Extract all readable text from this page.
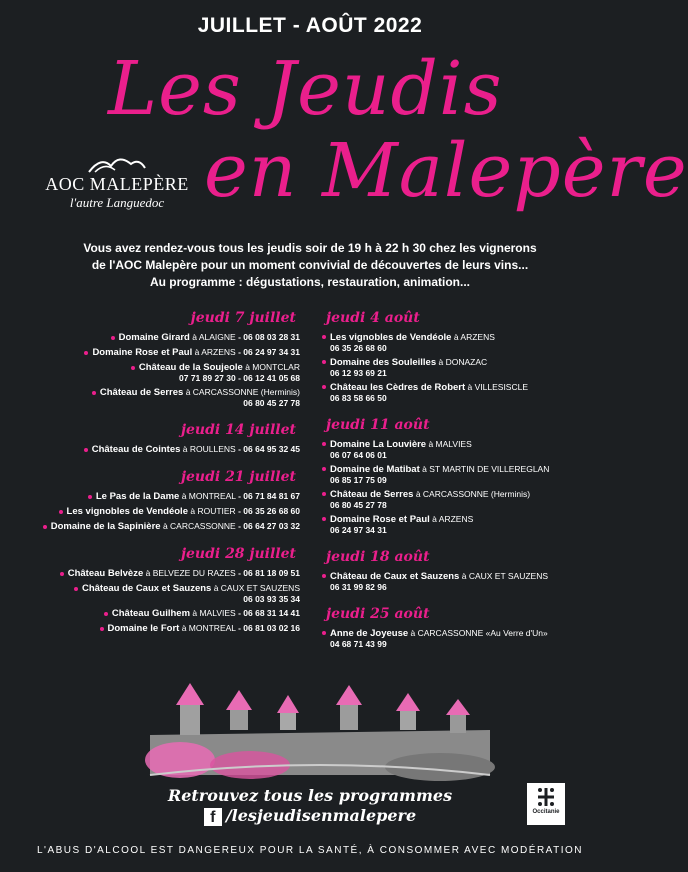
JUILLET - AOÛT 2022
Les Jeudis
en Malepère
AOC MALEPÈRE
l'autre Languedoc

Vous avez rendez-vous tous les jeudis soir de 19 h à 22 h 30 chez les vignerons

de l'AOC Malepère pour un moment convivial de découvertes de leurs vins...

Au programme : dégustations, restauration, animation...

jeudi 7 juillet
Domaine Girard à ALAIGNE - 06 08 03 28 31
Domaine Rose et Paul à ARZENS - 06 24 97 34 31
Château de la Soujeole à MONTCLAR
07 71 89 27 30 - 06 12 41 05 68
Château de Serres à CARCASSONNE (Herminis)
06 80 45 27 78
jeudi 14 juillet
Château de Cointes à ROULLENS - 06 64 95 32 45
jeudi 21 juillet
Le Pas de la Dame à MONTREAL - 06 71 84 81 67
Les vignobles de Vendéole à ROUTIER - 06 35 26 68 60
Domaine de la Sapinière à CARCASSONNE - 06 64 27 03 32
jeudi 28 juillet
Château Belvèze à BELVEZE DU RAZES - 06 81 18 09 51
Château de Caux et Sauzens à CAUX ET SAUZENS
06 03 93 35 34
Château Guilhem à MALVIES - 06 68 31 14 41
Domaine le Fort à MONTREAL - 06 81 03 02 16
jeudi 4 août
Les vignobles de Vendéole à ARZENS
06 35 26 68 60
Domaine des Souleilles à DONAZAC
06 12 93 69 21
Château les Cèdres de Robert à VILLESISCLE
06 83 58 66 50
jeudi 11 août
Domaine La Louvière à MALVIES
06 07 64 06 01
Domaine de Matibat à ST MARTIN DE VILLEREGLAN
06 85 17 75 09
Château de Serres à CARCASSONNE (Herminis)
06 80 45 27 78
Domaine Rose et Paul à ARZENS
06 24 97 34 31
jeudi 18 août
Château de Caux et Sauzens à CAUX ET SAUZENS
06 31 99 82 96
jeudi 25 août
Anne de Joyeuse à CARCASSONNE «Au Verre d'Un»
04 68 71 43 99
Retrouvez tous les programmes
f /lesjeudisenmalepere	Occitanie
L'ABUS D'ALCOOL EST DANGEREUX POUR LA SANTÉ, À CONSOMMER AVEC MODÉRATION
